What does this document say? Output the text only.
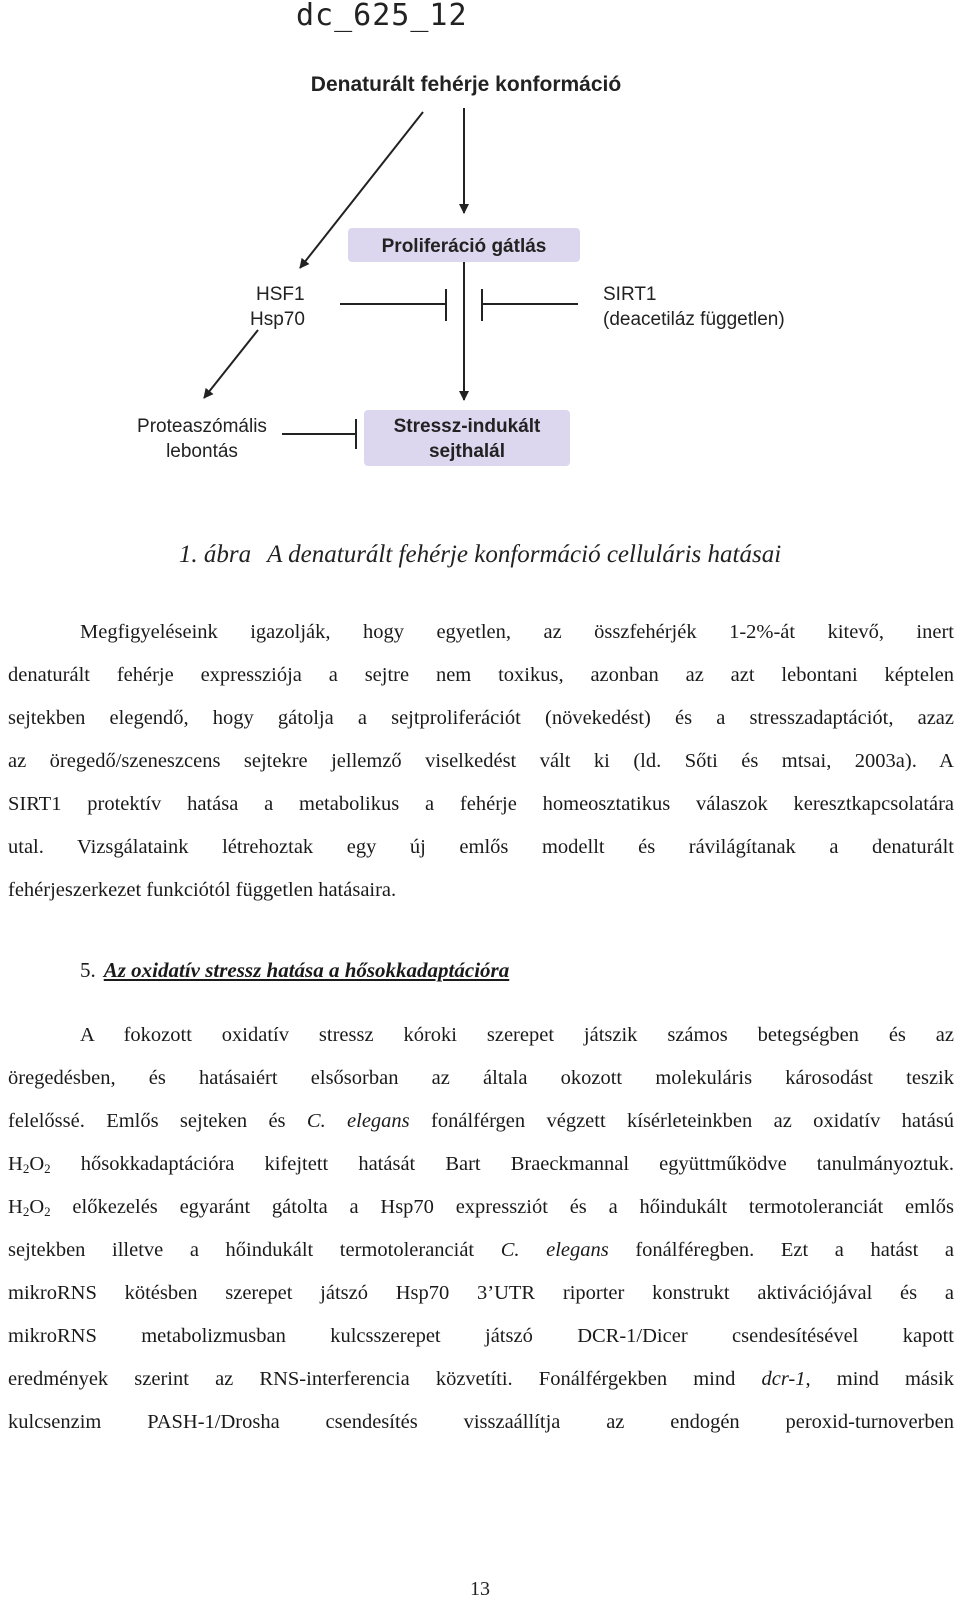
dc_625_12
Denaturált fehérje konformáció
Proliferáció gátlás
HSF1
Hsp70
SIRT1
(deacetiláz független)
Proteaszómális
lebontás
Stressz-indukált
sejthalál
1. ábra A denaturált fehérje konformáció celluláris hatásai

Megfigyeléseink igazolják, hogy egyetlen, az összfehérjék 1-2%-át kitevő, inert

denaturált fehérje expressziója a sejtre nem toxikus, azonban az azt lebontani képtelen

sejtekben elegendő, hogy gátolja a sejtproliferációt (növekedést) és a stresszadaptációt, azaz

az öregedő/szeneszcens sejtekre jellemző viselkedést vált ki (ld. Sőti és mtsai, 2003a). A

SIRT1 protektív hatása a metabolikus a fehérje homeosztatikus válaszok keresztkapcsolatára

utal. Vizsgálataink létrehoztak egy új emlős modellt és rávilágítanak a denaturált

fehérjeszerkezet funkciótól független hatásaira.

5. Az oxidatív stressz hatása a hősokkadaptációra

A fokozott oxidatív stressz kóroki szerepet játszik számos betegségben és az

öregedésben, és hatásaiért elsősorban az általa okozott molekuláris károsodást teszik

felelőssé. Emlős sejteken és C. elegans fonálférgen végzett kísérleteinkben az oxidatív hatású

$H_2O_2$ hősokkadaptációra kifejtett hatását Bart Braeckmannal együttműködve tanulmányoztuk.

$H_2O_2$ előkezelés egyaránt gátolta a Hsp70 expressziót és a hőindukált termotoleranciát emlős

sejtekben illetve a hőindukált termotoleranciát C. elegans fonálféregben. Ezt a hatást a

mikroRNS kötésben szerepet játszó Hsp70 3’UTR riporter konstrukt aktivációjával és a

mikroRNS metabolizmusban kulcsszerepet játszó DCR-1/Dicer csendesítésével kapott

eredmények szerint az RNS-interferencia közvetíti. Fonálférgekben mind dcr-1, mind másik

kulcsenzim PASH-1/Drosha csendesítés visszaállítja az endogén peroxid-turnoverben

13
